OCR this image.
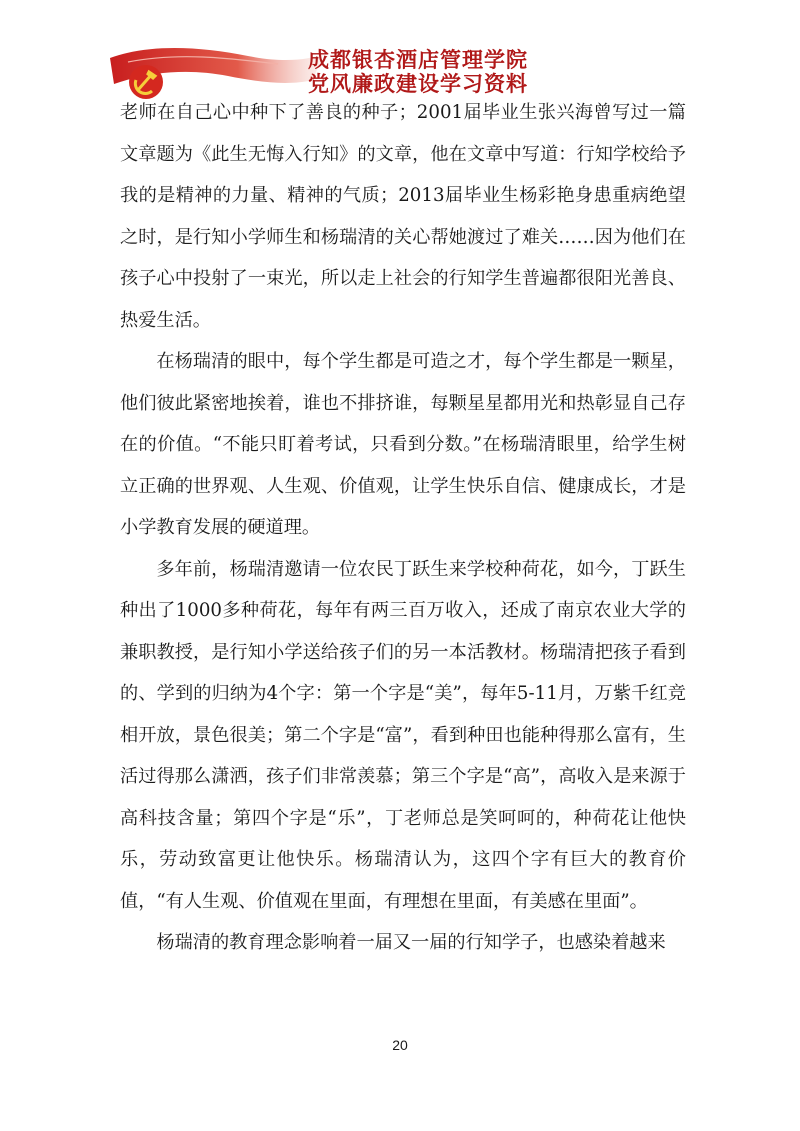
成都银杏酒店管理学院
党风廉政建设学习资料

老师在自己心中种下了善良的种子；2001届毕业生张兴海曾写过一篇文章题为《此生无悔入行知》的文章，他在文章中写道：行知学校给予我的是精神的力量、精神的气质；2013届毕业生杨彩艳身患重病绝望之时，是行知小学师生和杨瑞清的关心帮她渡过了难关……因为他们在孩子心中投射了一束光，所以走上社会的行知学生普遍都很阳光善良、热爱生活。

在杨瑞清的眼中，每个学生都是可造之才，每个学生都是一颗星，他们彼此紧密地挨着，谁也不排挤谁，每颗星星都用光和热彰显自己存在的价值。“不能只盯着考试，只看到分数。”在杨瑞清眼里，给学生树立正确的世界观、人生观、价值观，让学生快乐自信、健康成长，才是小学教育发展的硬道理。

多年前，杨瑞清邀请一位农民丁跃生来学校种荷花，如今，丁跃生种出了1000多种荷花，每年有两三百万收入，还成了南京农业大学的兼职教授，是行知小学送给孩子们的另一本活教材。杨瑞清把孩子看到的、学到的归纳为4个字：第一个字是“美”，每年5-11月，万紫千红竞相开放，景色很美；第二个字是“富”，看到种田也能种得那么富有，生活过得那么潇洒，孩子们非常羡慕；第三个字是“高”，高收入是来源于高科技含量；第四个字是“乐”，丁老师总是笑呵呵的，种荷花让他快乐，劳动致富更让他快乐。杨瑞清认为，这四个字有巨大的教育价值，“有人生观、价值观在里面，有理想在里面，有美感在里面”。

杨瑞清的教育理念影响着一届又一届的行知学子，也感染着越来

20
